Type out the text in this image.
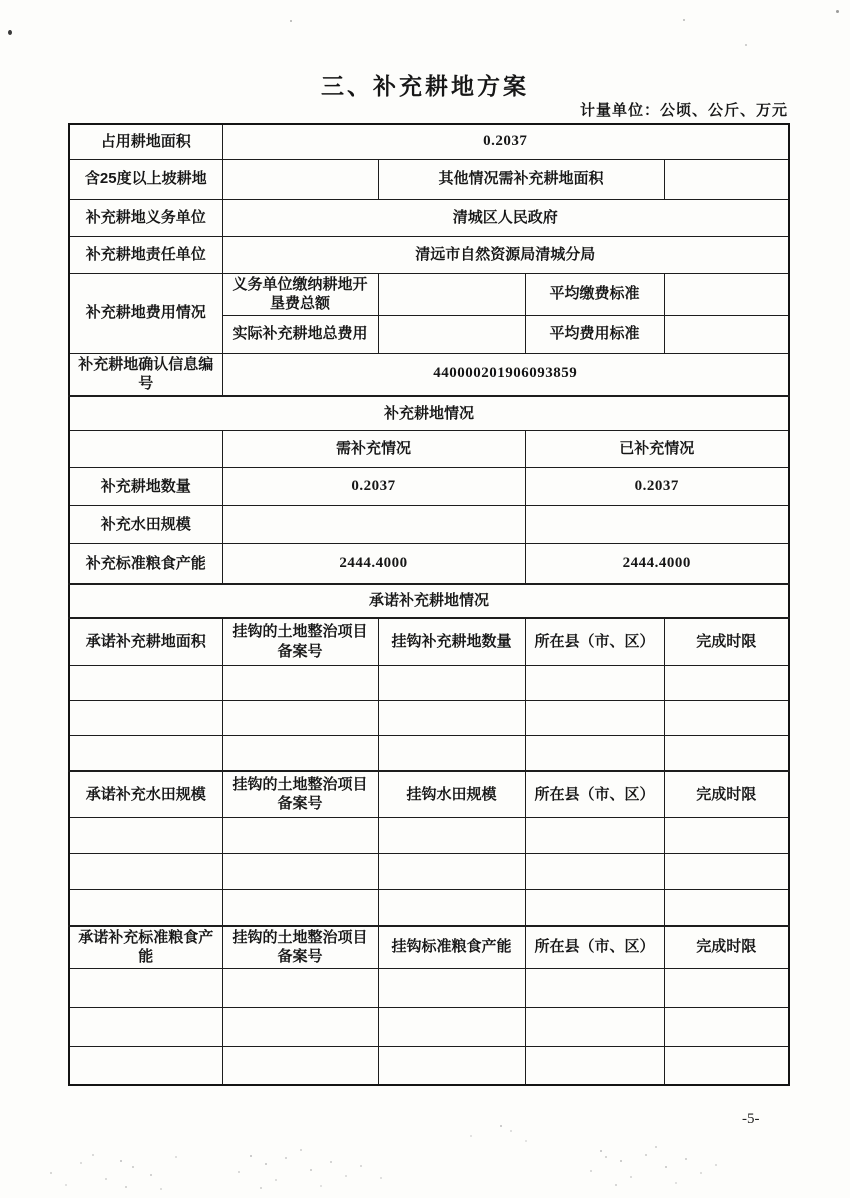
三、补充耕地方案
计量单位：公顷、公斤、万元
占用耕地面积	0.2037			
含25度以上坡耕地		其他情况需补充耕地面积		
补充耕地义务单位	清城区人民政府			
补充耕地责任单位	清远市自然资源局清城分局			
补充耕地费用情况	义务单位缴纳耕地开垦费总额		平均缴费标准	
	实际补充耕地总费用		平均费用标准	
补充耕地确认信息编号	440000201906093859			
补充耕地情况				
	需补充情况		已补充情况	
补充耕地数量	0.2037		0.2037	
补充水田规模				
补充标准粮食产能	2444.4000		2444.4000	
承诺补充耕地情况				
承诺补充耕地面积	挂钩的土地整治项目备案号	挂钩补充耕地数量	所在县（市、区）	完成时限

承诺补充水田规模	挂钩的土地整治项目备案号	挂钩水田规模	所在县（市、区）	完成时限

承诺补充标准粮食产能	挂钩的土地整治项目备案号	挂钩标准粮食产能	所在县（市、区）	完成时限

-5-
